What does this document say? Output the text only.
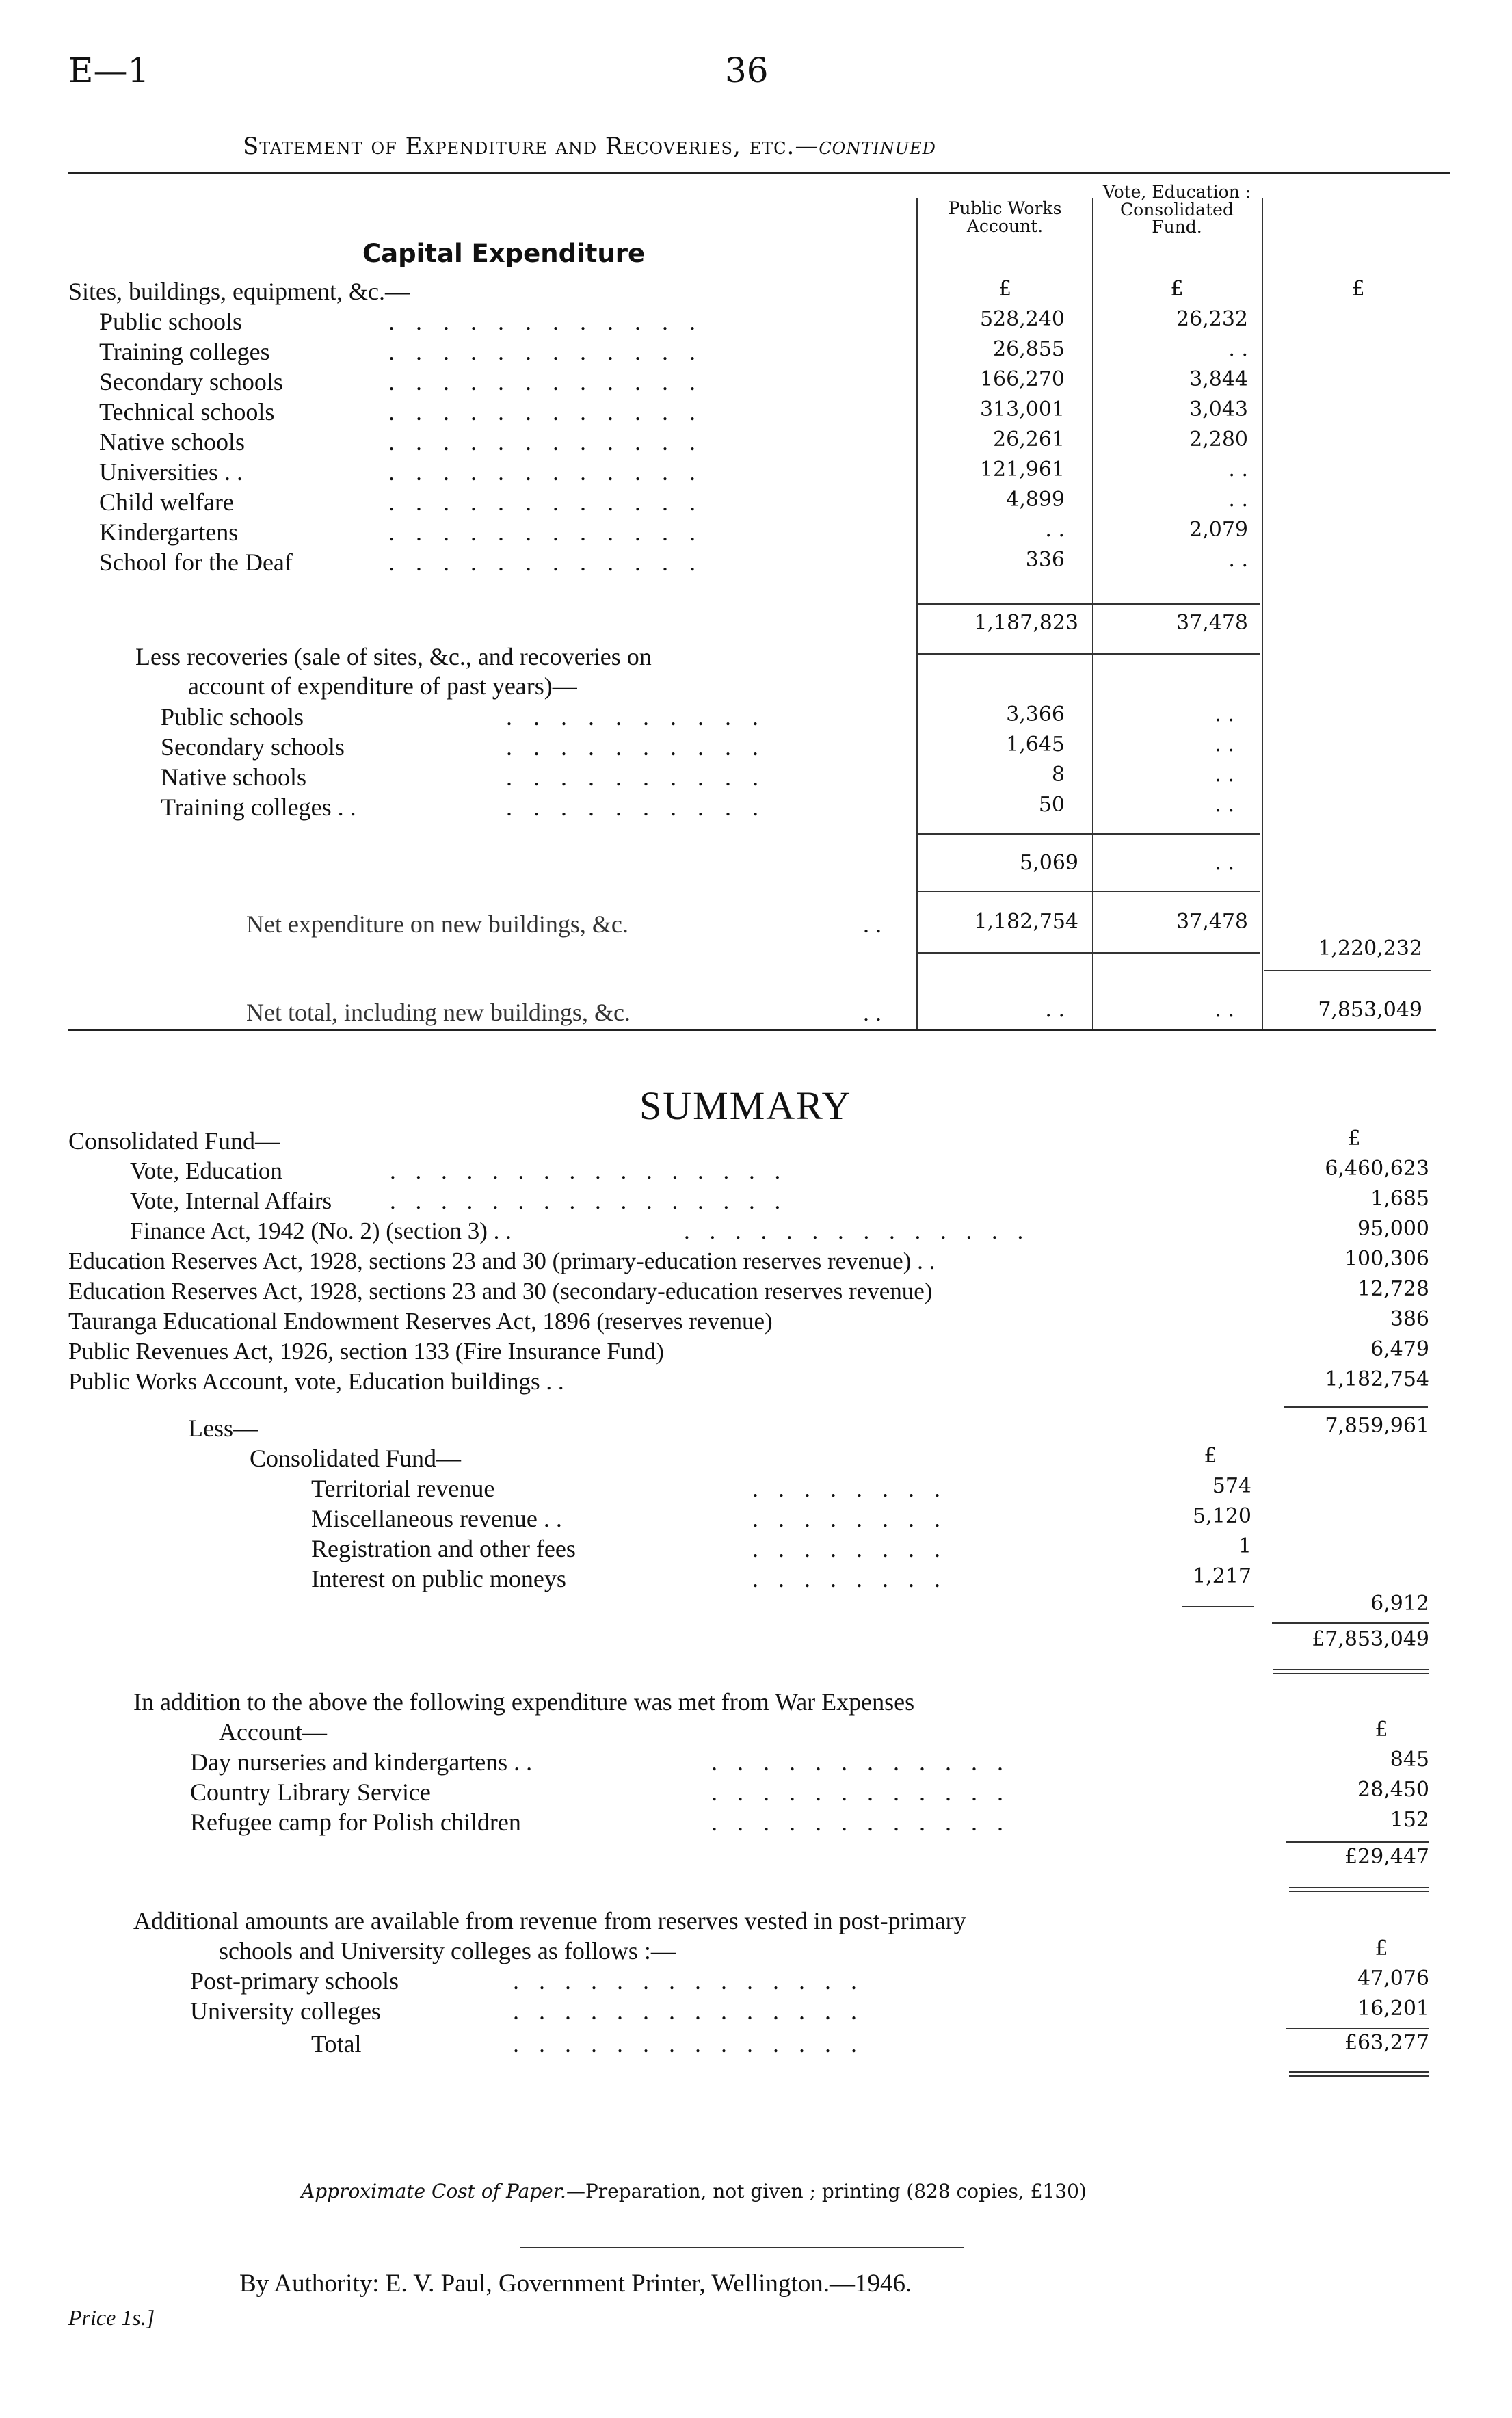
E—1	36
Statement of Expenditure and Recoveries, etc.—continued
Capital Expenditure
Public Works Account.
Vote, Education : Consolidated Fund.
£	£	£
Sites, buildings, equipment, &c.—
Public schools	. . . . . . . . . . . .	528,240	26,232
Training colleges	. . . . . . . . . . . .	26,855	. .
Secondary schools	. . . . . . . . . . . .	166,270	3,844
Technical schools	. . . . . . . . . . . .	313,001	3,043
Native schools	. . . . . . . . . . . .	26,261	2,280
Universities . .	. . . . . . . . . . . .	121,961	. .
Child welfare	. . . . . . . . . . . .	4,899	. .
Kindergartens	. . . . . . . . . . . .	. .	2,079
School for the Deaf	. . . . . . . . . . . .	336	. .
1,187,823	37,478
Less recoveries (sale of sites, &c., and recoveries on
account of expenditure of past years)—
Public schools	. . . . . . . . . .	3,366	. .
Secondary schools	. . . . . . . . . .	1,645	. .
Native schools	. . . . . . . . . .	8	. .
Training colleges . .	. . . . . . . . . .	50	. .
5,069	. .
Net expenditure on new buildings, &c.	. .	1,182,754	37,478
1,220,232
Net total, including new buildings, &c.	. .	. .	. .	7,853,049
SUMMARY
Consolidated Fund—	£
Vote, Education	. . . . . . . . . . . . . . . .	6,460,623
Vote, Internal Affairs . . . . . . . . . . . . . . . .	1,685
Finance Act, 1942 (No. 2) (section 3) . .	. . . . . . . . . . . . . .	95,000
Education Reserves Act, 1928, sections 23 and 30 (primary-education reserves revenue) . .	100,306
Education Reserves Act, 1928, sections 23 and 30 (secondary-education reserves revenue)	12,728
Tauranga Educational Endowment Reserves Act, 1896 (reserves revenue)	386
Public Revenues Act, 1926, section 133 (Fire Insurance Fund)	6,479
Public Works Account, vote, Education buildings . .	1,182,754
Less—	7,859,961
Consolidated Fund—	£
Territorial revenue	. . . . . . . .	574
Miscellaneous revenue . .	. . . . . . . .	5,120
Registration and other fees	. . . . . . . .	1
Interest on public moneys	. . . . . . . .	1,217
6,912
£7,853,049
In addition to the above the following expenditure was met from War Expenses
Account—	£
Day nurseries and kindergartens . .	. . . . . . . . . . . .	845
Country Library Service	. . . . . . . . . . . .	28,450
Refugee camp for Polish children	. . . . . . . . . . . .	152
£29,447
Additional amounts are available from revenue from reserves vested in post-primary
schools and University colleges as follows :—	£
Post-primary schools	. . . . . . . . . . . . . .	47,076
University colleges	. . . . . . . . . . . . . .	16,201
Total	. . . . . . . . . . . . . .	£63,277
Approximate Cost of Paper.—Preparation, not given ; printing (828 copies, £130)
By Authority: E. V. Paul, Government Printer, Wellington.—1946.
Price 1s.]
